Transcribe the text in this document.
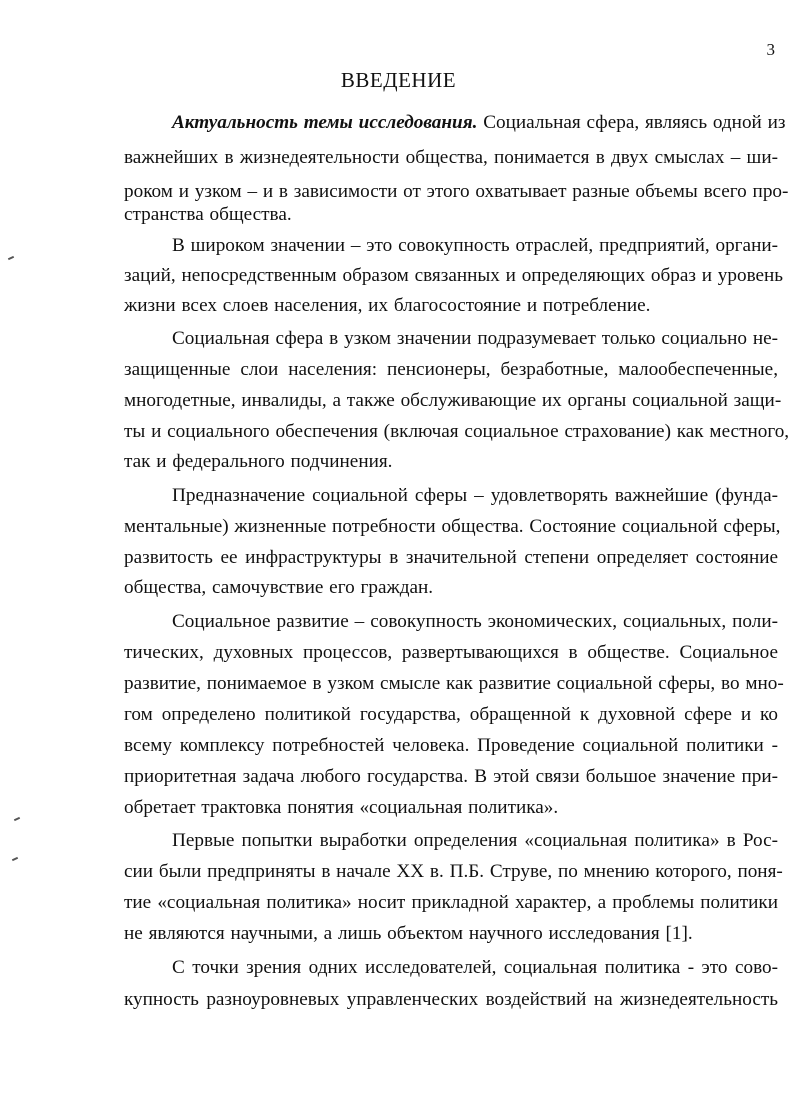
3
ВВЕДЕНИЕ
Актуальность темы исследования. Социальная сфера, являясь одной из
важнейших в жизнедеятельности общества, понимается в двух смыслах – ши-
роком и узком – и в зависимости от этого охватывает разные объемы всего про-
странства общества.
В широком значении – это совокупность отраслей, предприятий, органи-
заций, непосредственным образом связанных и определяющих образ и уровень
жизни всех слоев населения, их благосостояние и потребление.
Социальная сфера в узком значении подразумевает только социально не-
защищенные слои населения: пенсионеры, безработные, малообеспеченные,
многодетные, инвалиды, а также обслуживающие их органы социальной защи-
ты и социального обеспечения (включая социальное страхование) как местного,
так и федерального подчинения.
Предназначение социальной сферы – удовлетворять важнейшие (фунда-
ментальные) жизненные потребности общества. Состояние социальной сферы,
развитость ее инфраструктуры в значительной степени определяет состояние
общества, самочувствие его граждан.
Социальное развитие – совокупность экономических, социальных, поли-
тических, духовных процессов, развертывающихся в обществе. Социальное
развитие, понимаемое в узком смысле как развитие социальной сферы, во мно-
гом определено политикой государства, обращенной к духовной сфере и ко
всему комплексу потребностей человека. Проведение социальной политики -
приоритетная задача любого государства. В этой связи большое значение при-
обретает трактовка понятия «социальная политика».
Первые попытки выработки определения «социальная политика» в Рос-
сии были предприняты в начале XX в. П.Б. Струве, по мнению которого, поня-
тие «социальная политика» носит прикладной характер, а проблемы политики
не являются научными, а лишь объектом научного исследования [1].
С точки зрения одних исследователей, социальная политика - это сово-
купность разноуровневых управленческих воздействий на жизнедеятельность
